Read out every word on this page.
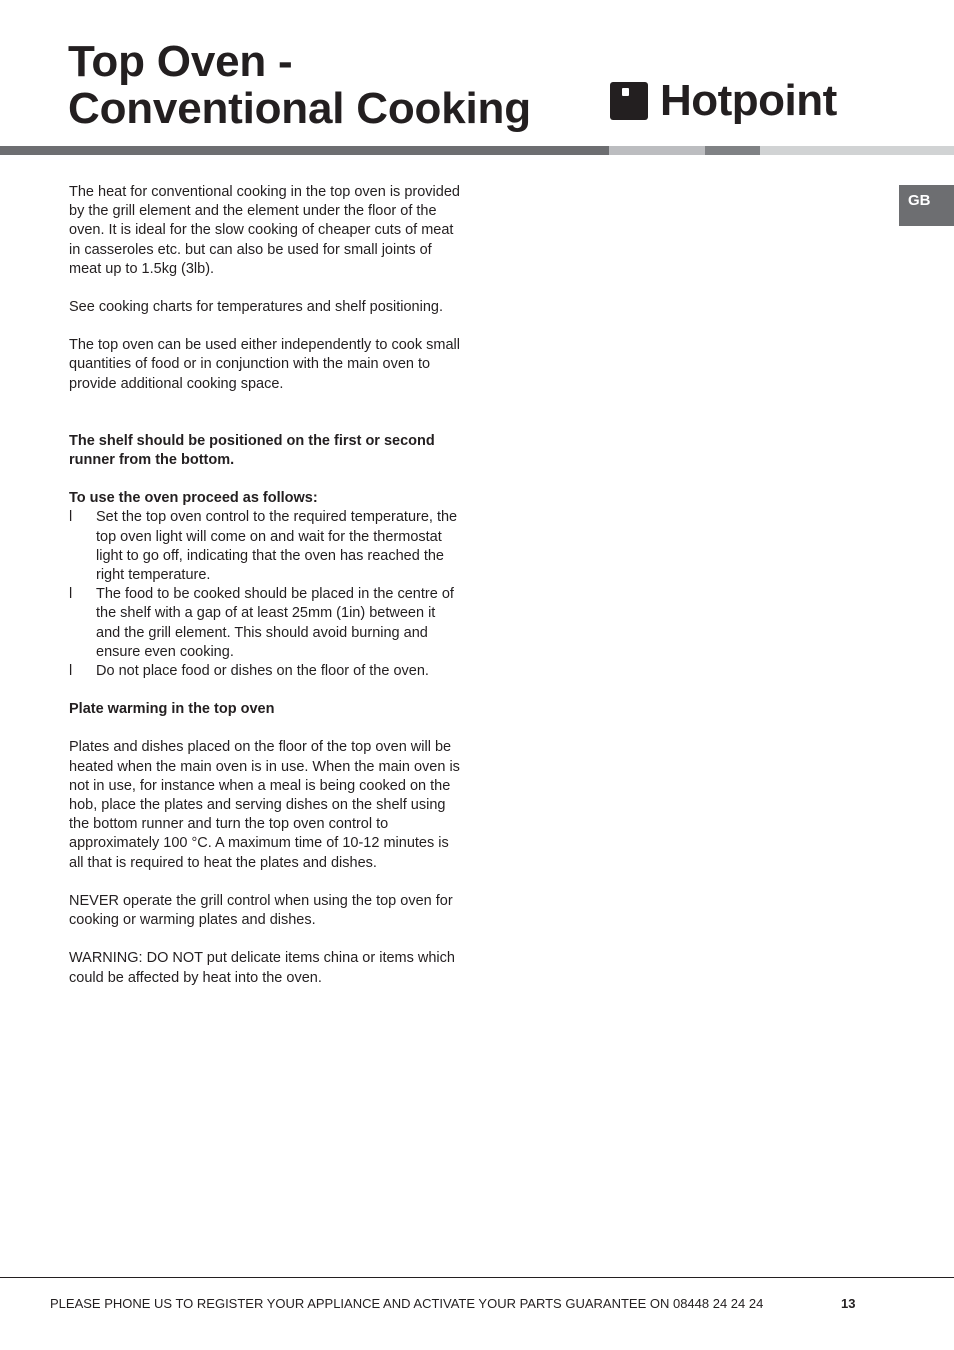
Top Oven -
Conventional Cooking	Hotpoint
GB

The heat for conventional cooking in the top oven is provided by the grill element and the element under the floor of the oven. It is ideal for the slow cooking of cheaper cuts of meat in casseroles etc. but can also be used for small joints of meat up to 1.5kg (3lb).

See cooking charts for temperatures and shelf positioning.

The top oven can be used either independently to cook small quantities of food or in conjunction with the main oven to provide additional cooking space.

The shelf should be positioned on the first or second runner from the bottom.

To use the oven proceed as follows:

l Set the top oven control to the required temperature, the top oven light will come on and wait for the thermostat light to go off, indicating that the oven has reached the right temperature.
l The food to be cooked should be placed in the centre of the shelf with a gap of at least 25mm (1in) between it and the grill element. This should avoid burning and ensure even cooking.
l Do not place food or dishes on the floor of the oven.

Plate warming in the top oven

Plates and dishes placed on the floor of the top oven will be heated when the main oven is in use. When the main oven is not in use, for instance when a meal is being cooked on the hob, place the plates and serving dishes on the shelf using the bottom runner and turn the top oven control to approximately 100 °C. A maximum time of 10-12 minutes is all that is required to heat the plates and dishes.

NEVER operate the grill control when using the top oven for cooking or warming plates and dishes.

WARNING: DO NOT put delicate items china or items which could be affected by heat into the oven.

PLEASE PHONE US TO REGISTER YOUR APPLIANCE AND ACTIVATE YOUR PARTS GUARANTEE ON 08448 24 24 24	13
